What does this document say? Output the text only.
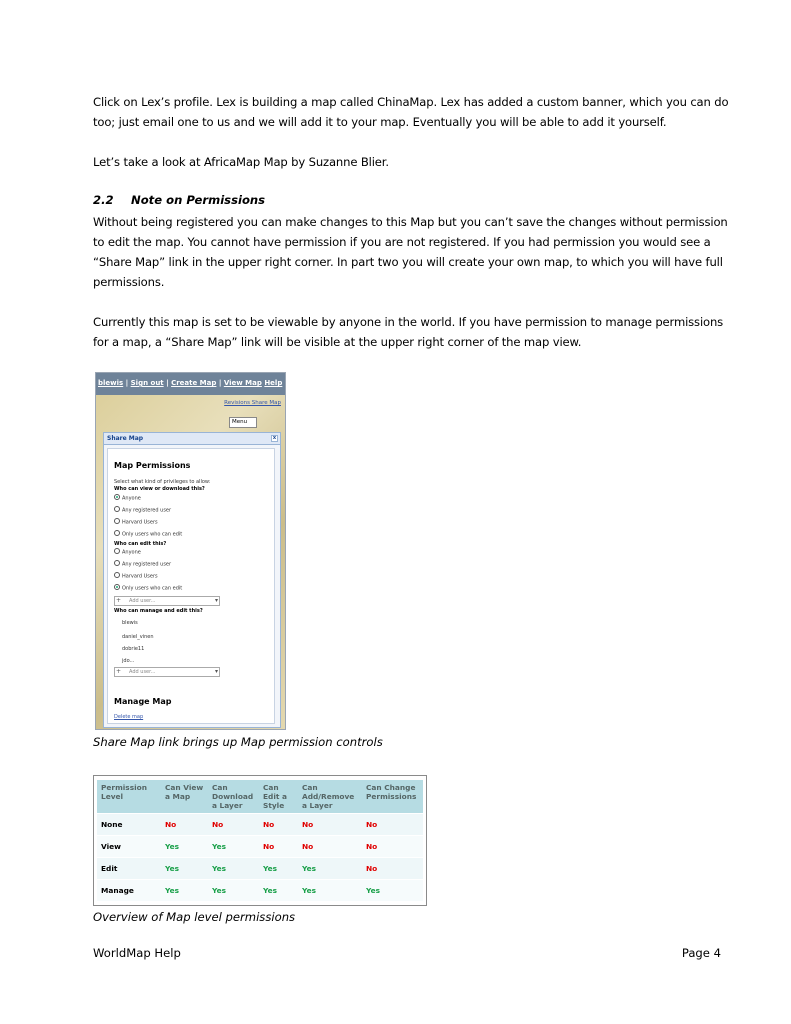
Click on Lex’s profile. Lex is building a map called ChinaMap. Lex has added a custom banner, which you can do too; just email one to us and we will add it to your map. Eventually you will be able to add it yourself.
Let’s take a look at AfricaMap Map by Suzanne Blier.
2.2 Note on Permissions
Without being registered you can make changes to this Map but you can’t save the changes without permission to edit the map. You cannot have permission if you are not registered. If you had permission you would see a “Share Map” link in the upper right corner. In part two you will create your own map, to which you will have full permissions.
Currently this map is set to be viewable by anyone in the world. If you have permission to manage permissions for a map, a “Share Map” link will be visible at the upper right corner of the map view.
blewis | Sign out | Create Map | View Map Help
Revisions Share Map
Menu
Share Map	x
Map Permissions
Select what kind of privileges to allow:
Who can view or download this?
Anyone
Any registered user
Harvard Users
Only users who can edit
Who can edit this?
Anyone
Any registered user
Harvard Users
Only users who can edit
+ Add user... ▾
Who can manage and edit this?
blewis
daniel_vinen
dobrie11
jdo...
+ Add user... ▾
Manage Map
Delete map
Share Map link brings up Map permission controls
Permission Level	Can View a Map	Can Download a Layer	Can Edit a Style	Can Add/Remove a Layer	Can Change Permissions
None	No	No	No	No	No
View	Yes	Yes	No	No	No
Edit	Yes	Yes	Yes	Yes	No
Manage	Yes	Yes	Yes	Yes	Yes
Overview of Map level permissions
WorldMap Help	Page 4
